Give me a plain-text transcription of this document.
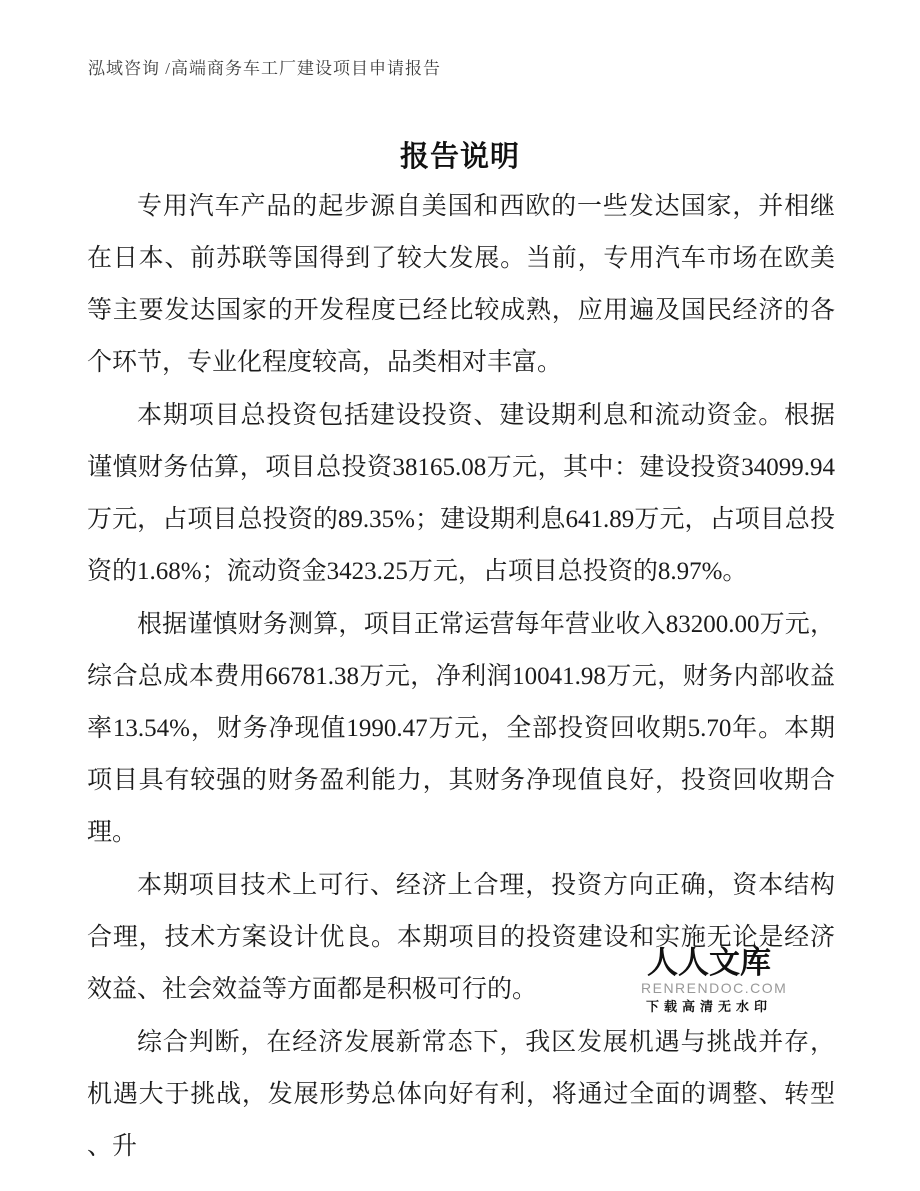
泓域咨询 /高端商务车工厂建设项目申请报告
报告说明

专用汽车产品的起步源自美国和西欧的一些发达国家，并相继在日本、前苏联等国得到了较大发展。当前，专用汽车市场在欧美等主要发达国家的开发程度已经比较成熟，应用遍及国民经济的各个环节，专业化程度较高，品类相对丰富。

本期项目总投资包括建设投资、建设期利息和流动资金。根据谨慎财务估算，项目总投资38165.08万元，其中：建设投资34099.94万元，占项目总投资的89.35%；建设期利息641.89万元，占项目总投资的1.68%；流动资金3423.25万元，占项目总投资的8.97%。

根据谨慎财务测算，项目正常运营每年营业收入83200.00万元，综合总成本费用66781.38万元，净利润10041.98万元，财务内部收益率13.54%，财务净现值1990.47万元，全部投资回收期5.70年。本期项目具有较强的财务盈利能力，其财务净现值良好，投资回收期合理。

本期项目技术上可行、经济上合理，投资方向正确，资本结构合理，技术方案设计优良。本期项目的投资建设和实施无论是经济效益、社会效益等方面都是积极可行的。

综合判断，在经济发展新常态下，我区发展机遇与挑战并存，机遇大于挑战，发展形势总体向好有利，将通过全面的调整、转型、升

人人文库
RENRENDOC.COM
下载高清无水印
